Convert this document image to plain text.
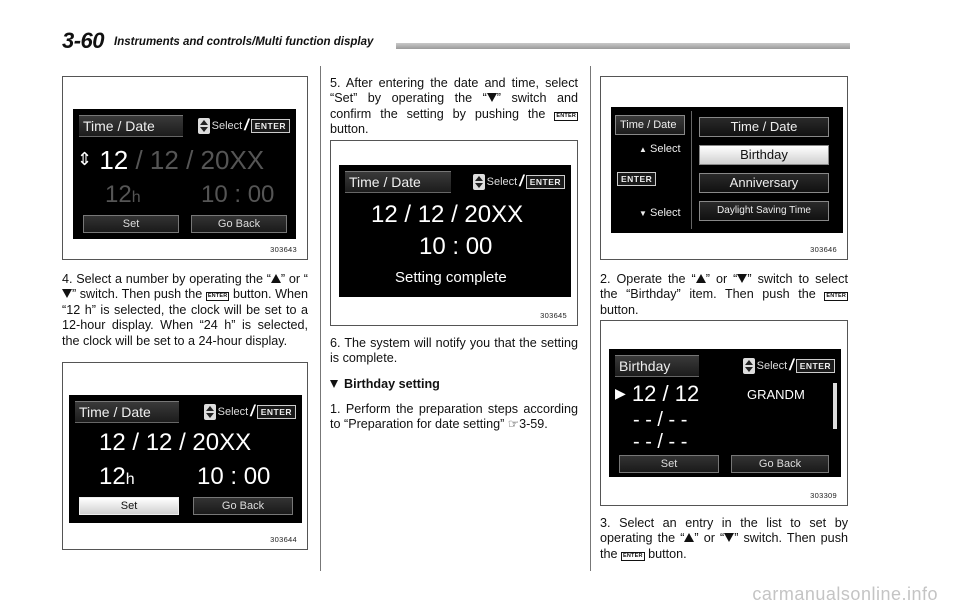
3-60 Instruments and controls/Multi function display
Time / Date	Select / ENTER
⇕ 12 / 12 / 20XX
12h	10 : 00
Set	Go Back
303643
4. Select a number by operating the “ ” or “” switch. Then push the ENTER button. When “12 h” is selected, the clock will be set to a 12-hour display. When “24 h” is selected, the clock will be set to a 24-hour display.
Time / Date	Select / ENTER
12 / 12 / 20XX
12h	10 : 00
Set	Go Back
303644
5. After entering the date and time, select “Set” by operating the “ ” switch and confirm the setting by pushing the ENTER button.
Time / Date	Select / ENTER
12 / 12 / 20XX
10 : 00
Setting complete
303645
6. The system will notify you that the setting is complete.
Birthday setting
1. Perform the preparation steps according to “Preparation for date setting” ☞3-59.
Time / Date
▲ Select
ENTER
▼ Select
Time / Date
Birthday
Anniversary
Daylight Saving Time
303646
2. Operate the “ ” or “ ” switch to select the “Birthday” item. Then push the ENTER button.
Birthday	Select / ENTER
▶ 12 / 12	GRANDM
- - / - -
- - / - -
Set	Go Back
303309
3. Select an entry in the list to set by operating the “ ” or “ ” switch. Then push the ENTER button.
carmanualsonline.info
